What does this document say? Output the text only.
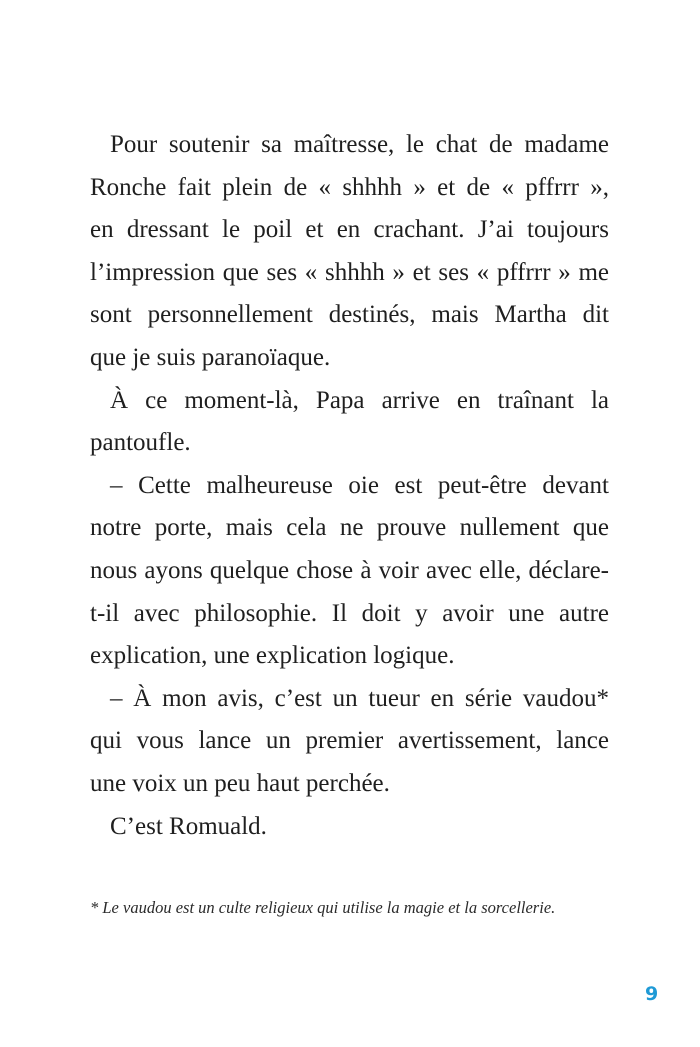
Pour soutenir sa maîtresse, le chat de madame
Ronche fait plein de « shhhh » et de « pffrrr »,
en dressant le poil et en crachant. J’ai toujours
l’impression que ses « shhhh » et ses « pffrrr » me
sont personnellement destinés, mais Martha dit
que je suis paranoïaque.
À ce moment-là, Papa arrive en traînant la
pantoufle.
– Cette malheureuse oie est peut-être devant
notre porte, mais cela ne prouve nullement que
nous ayons quelque chose à voir avec elle, déclare-
t-il avec philosophie. Il doit y avoir une autre
explication, une explication logique.
– À mon avis, c’est un tueur en série vaudou*
qui vous lance un premier avertissement, lance
une voix un peu haut perchée.
C’est Romuald.
* Le vaudou est un culte religieux qui utilise la magie et la sorcellerie.
9
